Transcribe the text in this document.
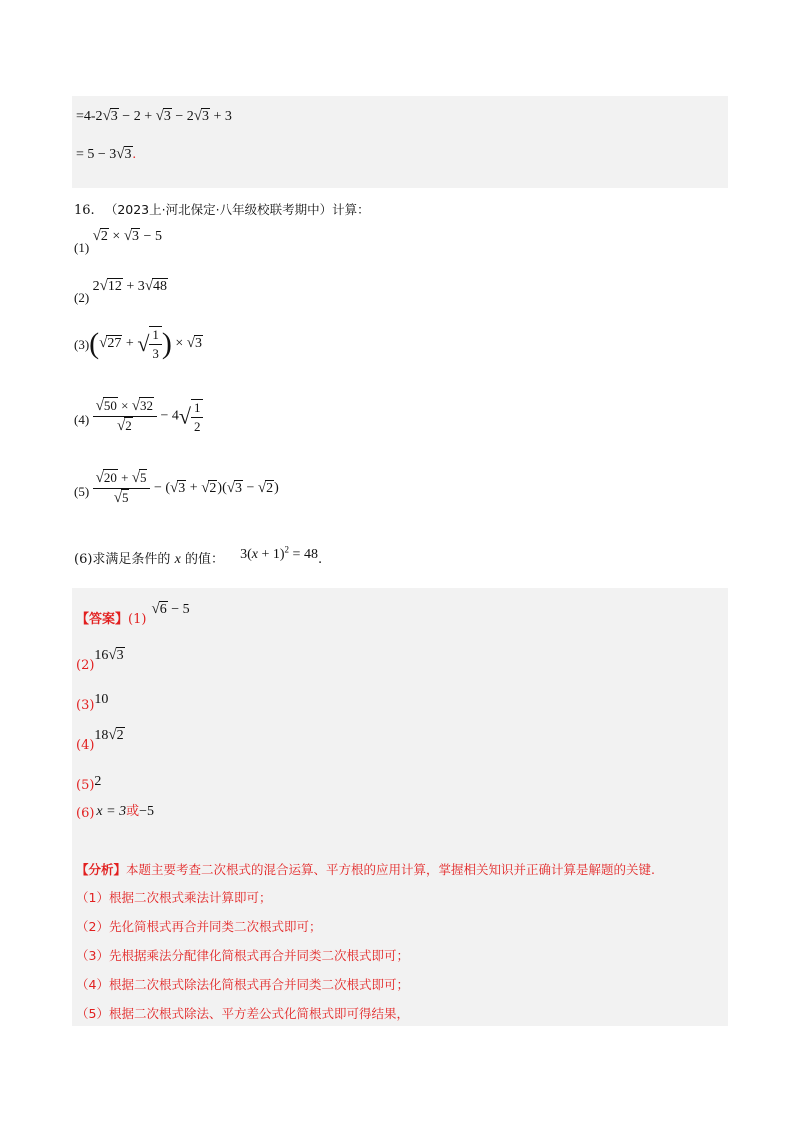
=4-2√3 − 2 + √3 − 2√3 + 3
= 5 − 3√3.
16. （2023上·河北保定·八年级校联考期中）计算：
(1) √2 × √3 − 5
(2) 2√12 + 3√48
(3)(√27 + √ $\frac{1}{3}$ ) × √3
$(4) \frac{√50 \times √32}{√2} - 4√ \frac{1}{2}$
$(5) \frac{√20 + √5}{√5} - (√3 + √2)(√3 - √2)$
(6)求满足条件的 x 的值： $3(x + 1)^2 = 48$.
$_{【答案】(1)}$ √6 − 5
$_{(2)}$16√3
$_{(3)}$10
$_{(4)}$18√2
$_{(5)}$2
(6) x = 3或−5
【分析】本题主要考查二次根式的混合运算、平方根的应用计算，掌握相关知识并正确计算是解题的关键.
（1）根据二次根式乘法计算即可；
（2）先化简根式再合并同类二次根式即可；
（3）先根据乘法分配律化简根式再合并同类二次根式即可；
（4）根据二次根式除法化简根式再合并同类二次根式即可；
（5）根据二次根式除法、平方差公式化简根式即可得结果，
